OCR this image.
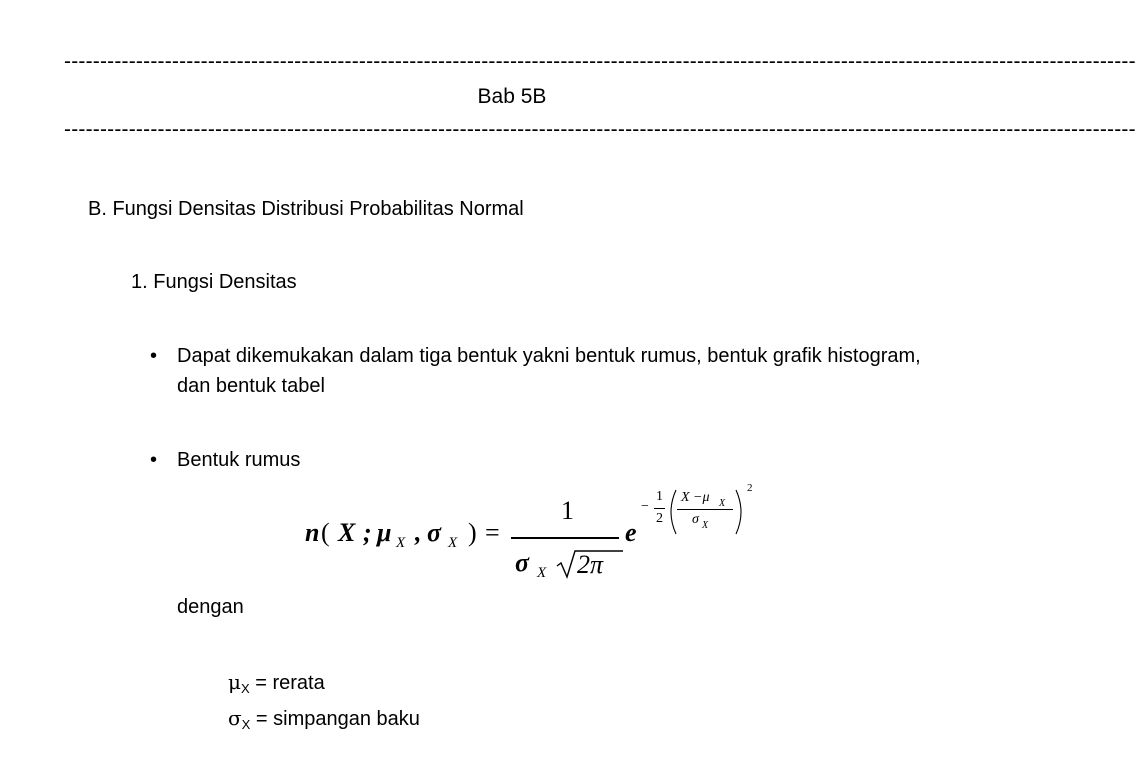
-----------------------------------------------------------------------------------------------------------------------------------------------------
Bab 5B
-----------------------------------------------------------------------------------------------------------------------------------------------------
B. Fungsi Densitas Distribusi Probabilitas Normal
1. Fungsi Densitas
• Dapat dikemukakan dalam tiga bentuk yakni bentuk rumus, bentuk grafik histogram, dan bentuk tabel
• Bentuk rumus
n ( X ; μ X , σ X ) =
1
σ X 2π
e
−
1
2
X −μ X
σ X
2
dengan
$\mu_X$ = rerata
$\sigma_X$ = simpangan baku
